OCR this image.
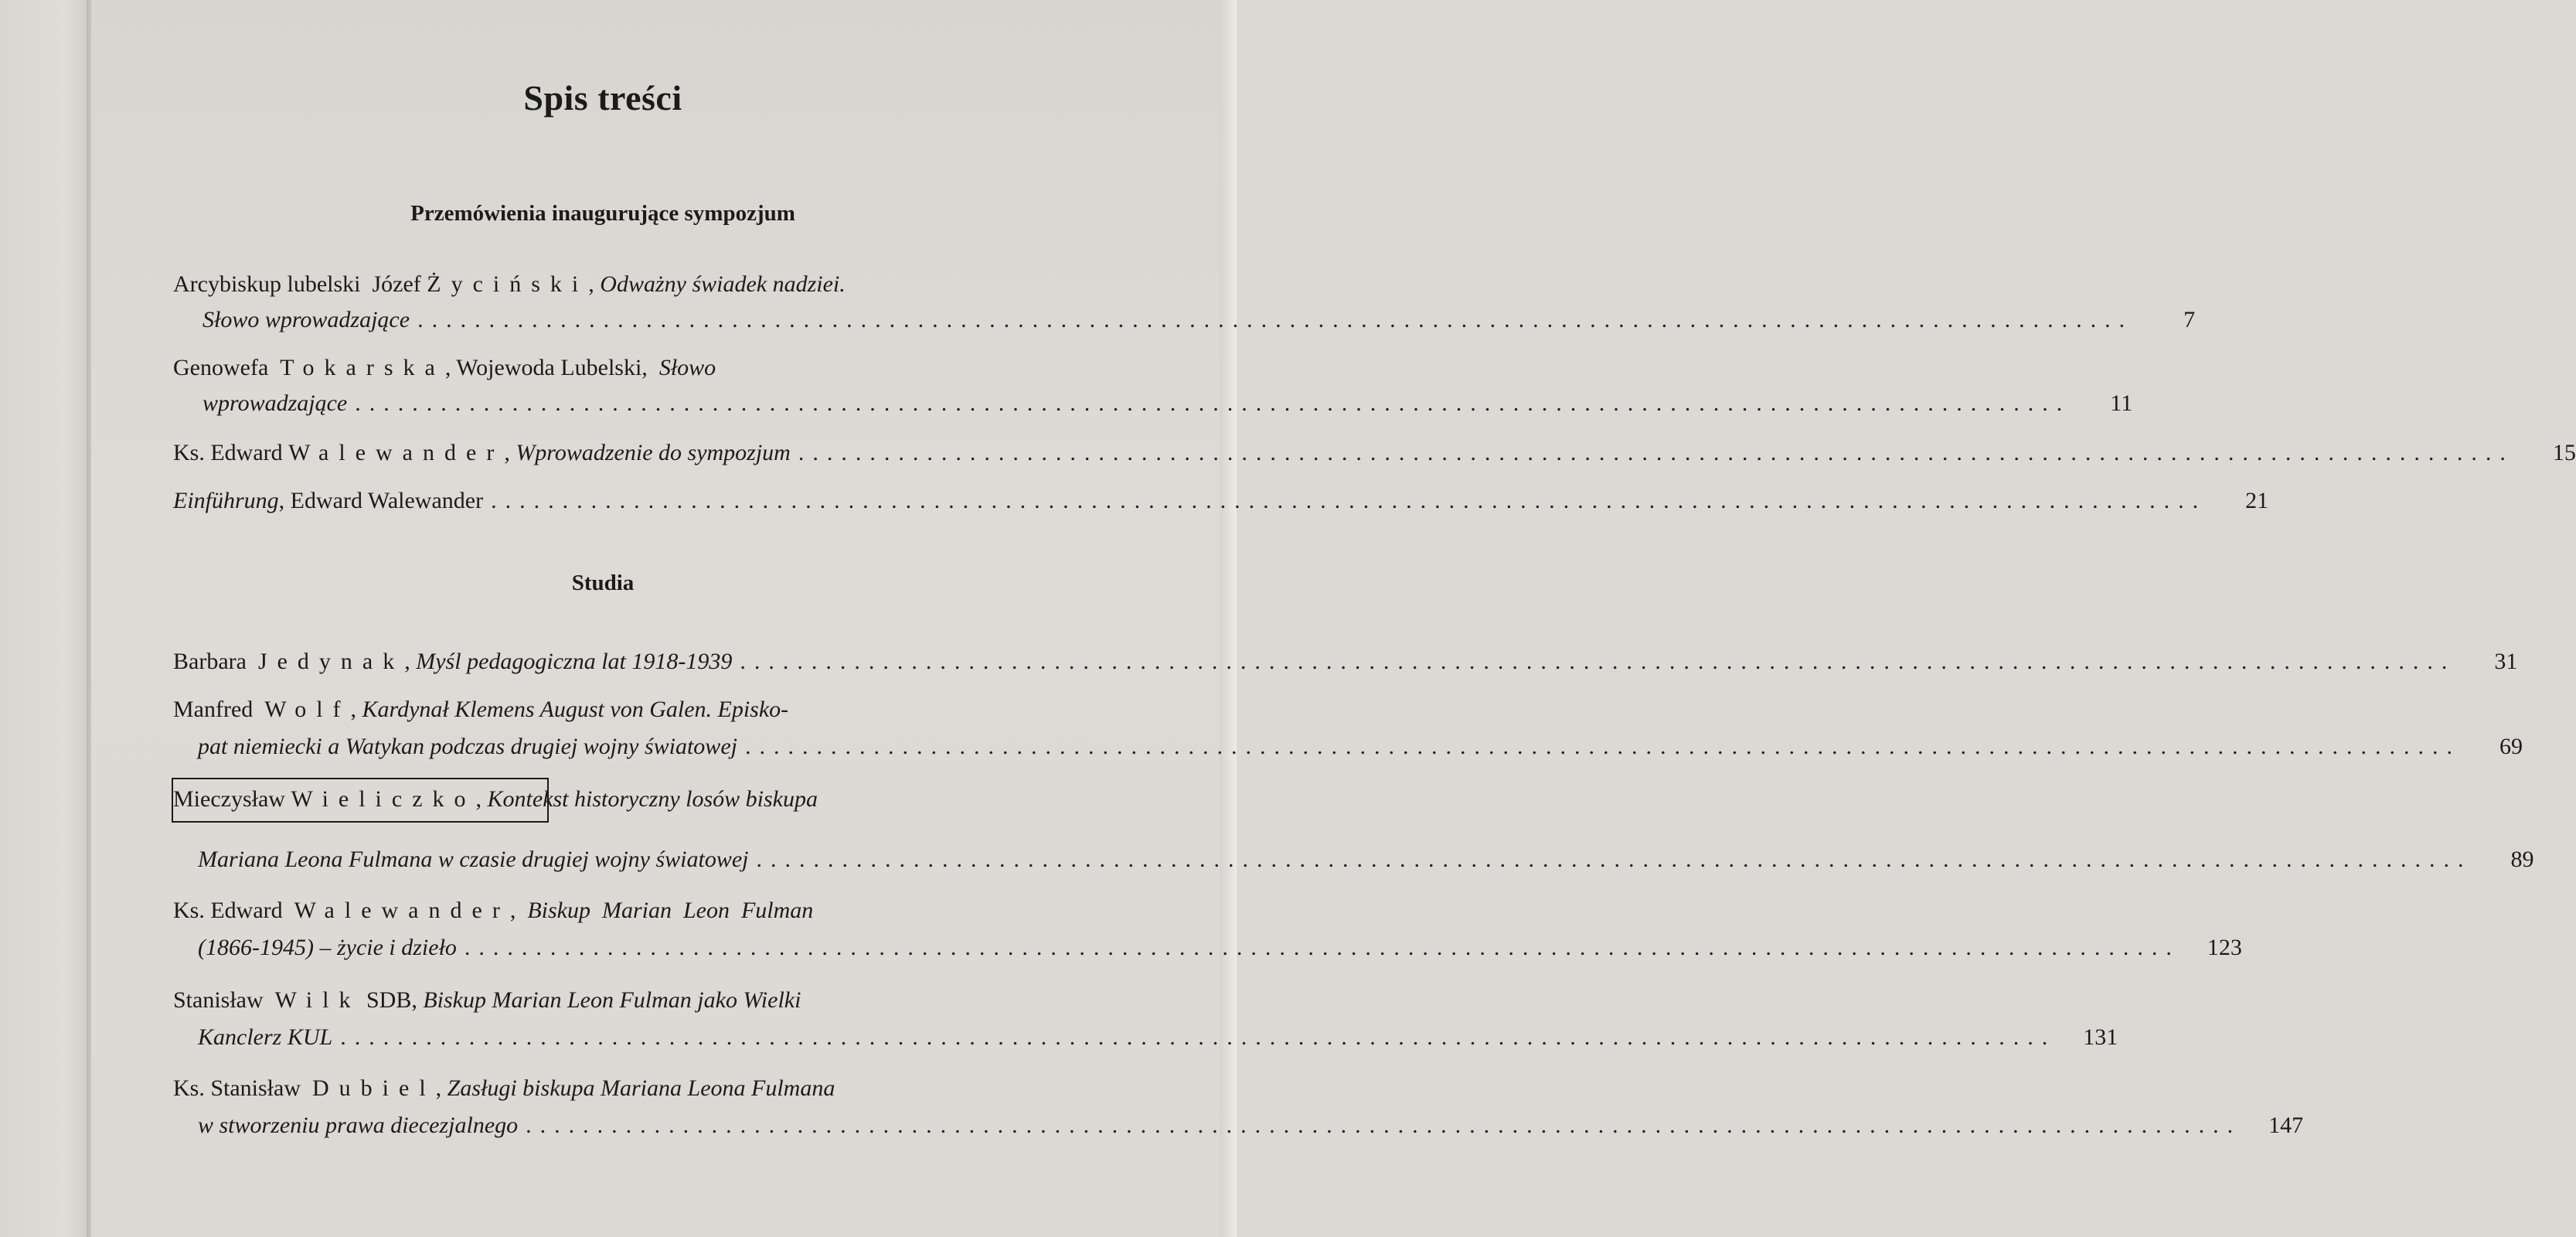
Spis treści
Przemówienia inaugurujące sympozjum
Arcybiskup lubelski  Józef Życiński , Odważny świadek nadziei.
Słowo wprowadzające ........................................................................................................................	7
Genowefa Tokarska , Wojewoda Lubelski, Słowo
wprowadzające ........................................................................................................................	11
Ks. Edward Walewander , Wprowadzenie do sympozjum ........................................................................................................................	15
Einführung , Edward Walewander ........................................................................................................................	21
Studia
Barbara Jedynak , Myśl pedagogiczna lat 1918-1939 ........................................................................................................................	31
Manfred Wolf , Kardynał Klemens August von Galen. Episko-
pat niemiecki a Watykan podczas drugiej wojny światowej ........................................................................................................................	69
Mieczysław Wieliczko , Kontekst historyczny losów biskupa
Mariana Leona Fulmana w czasie drugiej wojny światowej ........................................................................................................................	89
Ks. Edward Walewander , Biskup  Marian  Leon  Fulman
(1866-1945) – życie i dzieło ........................................................................................................................	123
Stanisław Wilk SDB, Biskup Marian Leon Fulman jako Wielki
Kanclerz KUL ........................................................................................................................	131
Ks. Stanisław Dubiel , Zasługi biskupa Mariana Leona Fulmana
w stworzeniu prawa diecezjalnego ........................................................................................................................	147
